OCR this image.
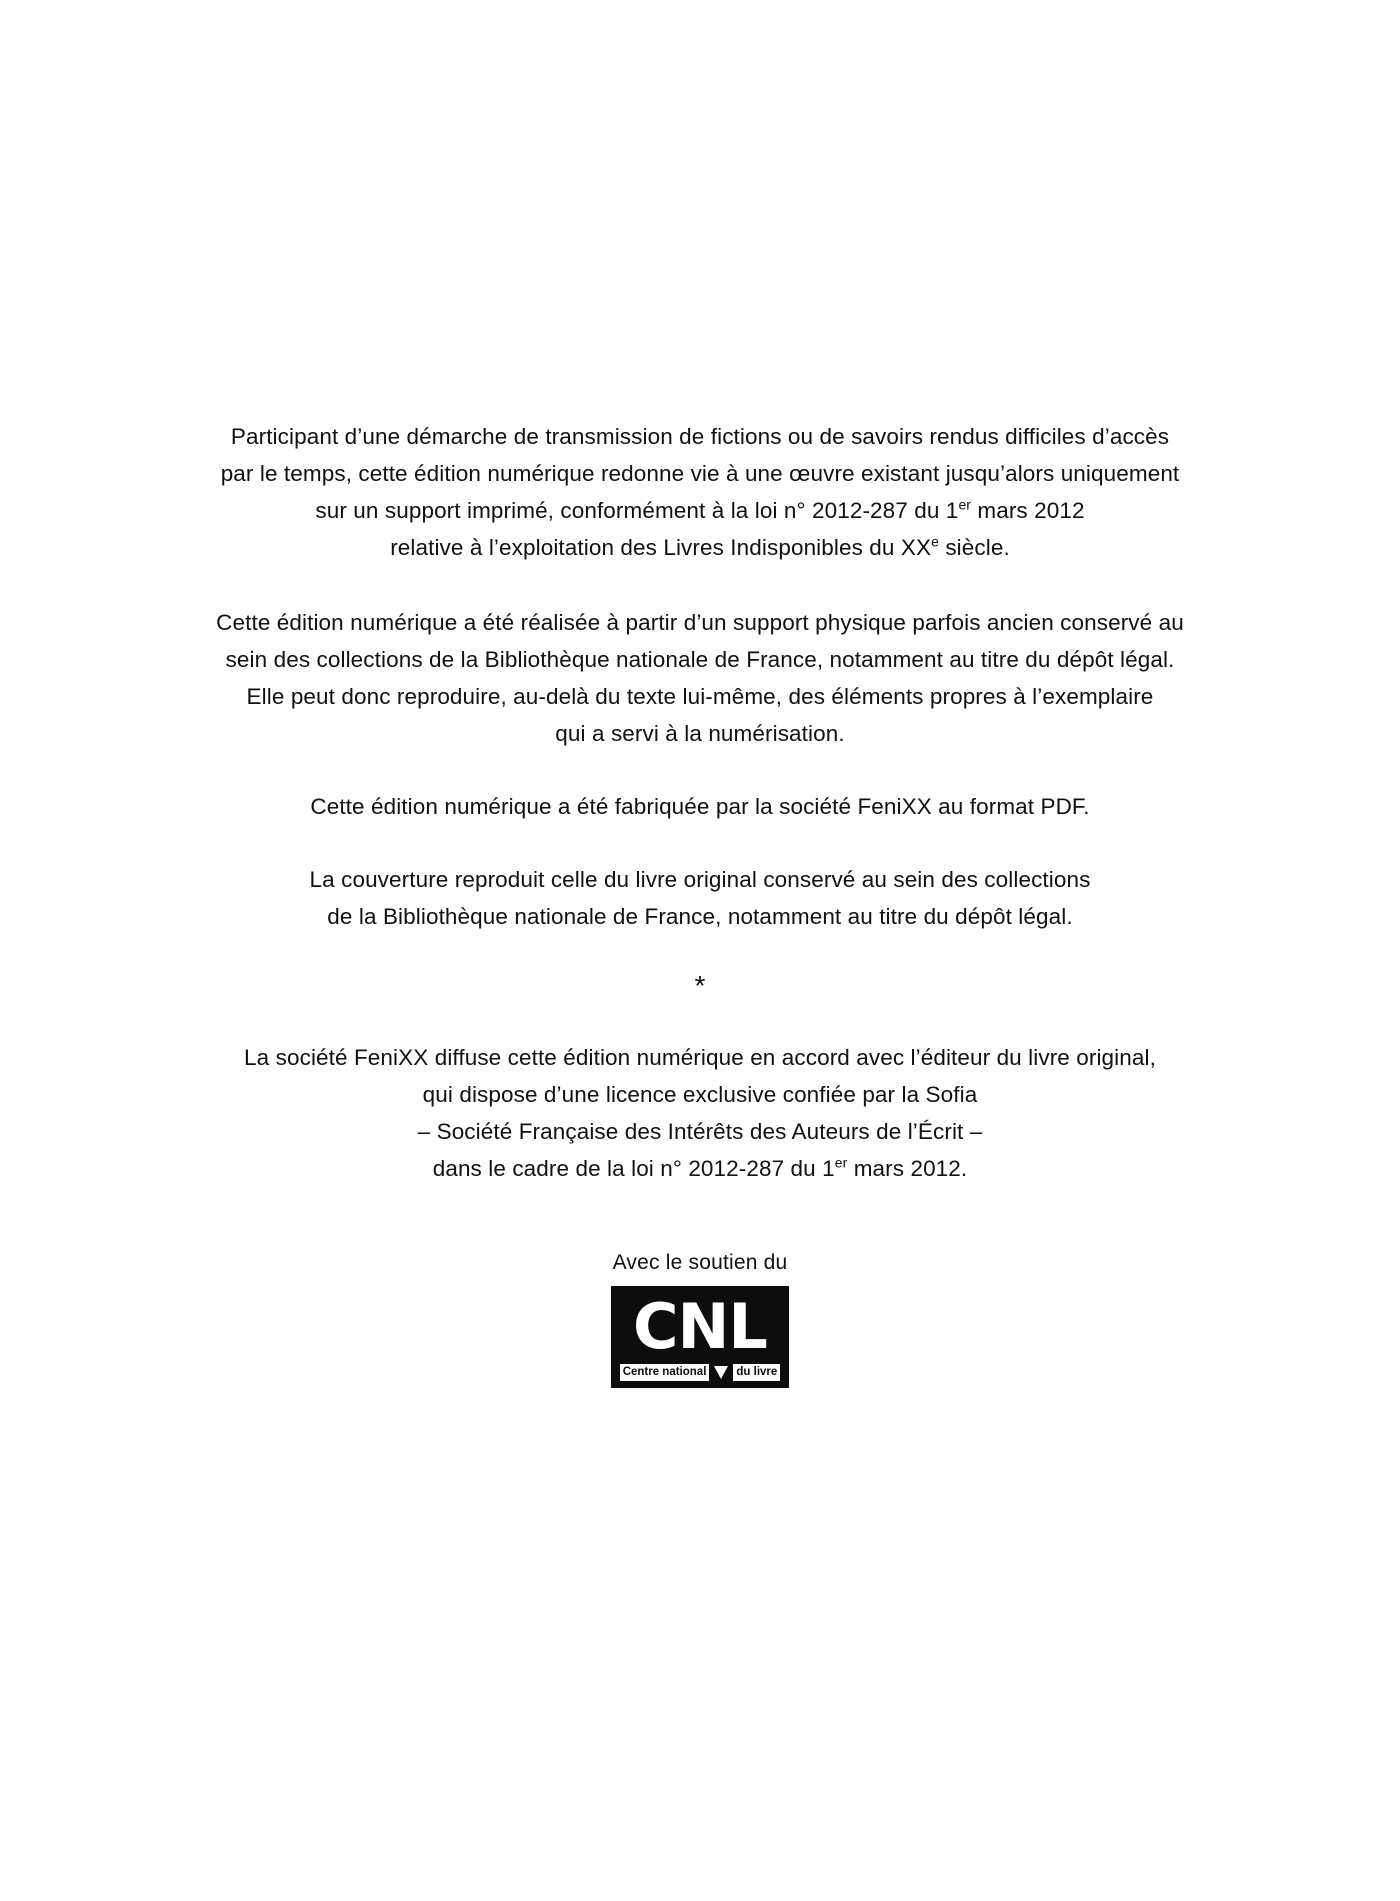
Participant d’une démarche de transmission de fictions ou de savoirs rendus difficiles d’accès
par le temps, cette édition numérique redonne vie à une œuvre existant jusqu’alors uniquement
sur un support imprimé, conformément à la loi n° 2012-287 du 1er mars 2012
relative à l’exploitation des Livres Indisponibles du XXe siècle.

Cette édition numérique a été réalisée à partir d’un support physique parfois ancien conservé au
sein des collections de la Bibliothèque nationale de France, notamment au titre du dépôt légal.
Elle peut donc reproduire, au-delà du texte lui-même, des éléments propres à l’exemplaire
qui a servi à la numérisation.

Cette édition numérique a été fabriquée par la société FeniXX au format PDF.

La couverture reproduit celle du livre original conservé au sein des collections
de la Bibliothèque nationale de France, notamment au titre du dépôt légal.

*

La société FeniXX diffuse cette édition numérique en accord avec l’éditeur du livre original,
qui dispose d’une licence exclusive confiée par la Sofia
– Société Française des Intérêts des Auteurs de l’Écrit –
dans le cadre de la loi n° 2012-287 du 1er mars 2012.

Avec le soutien du
CNL
Centre national	du livre
